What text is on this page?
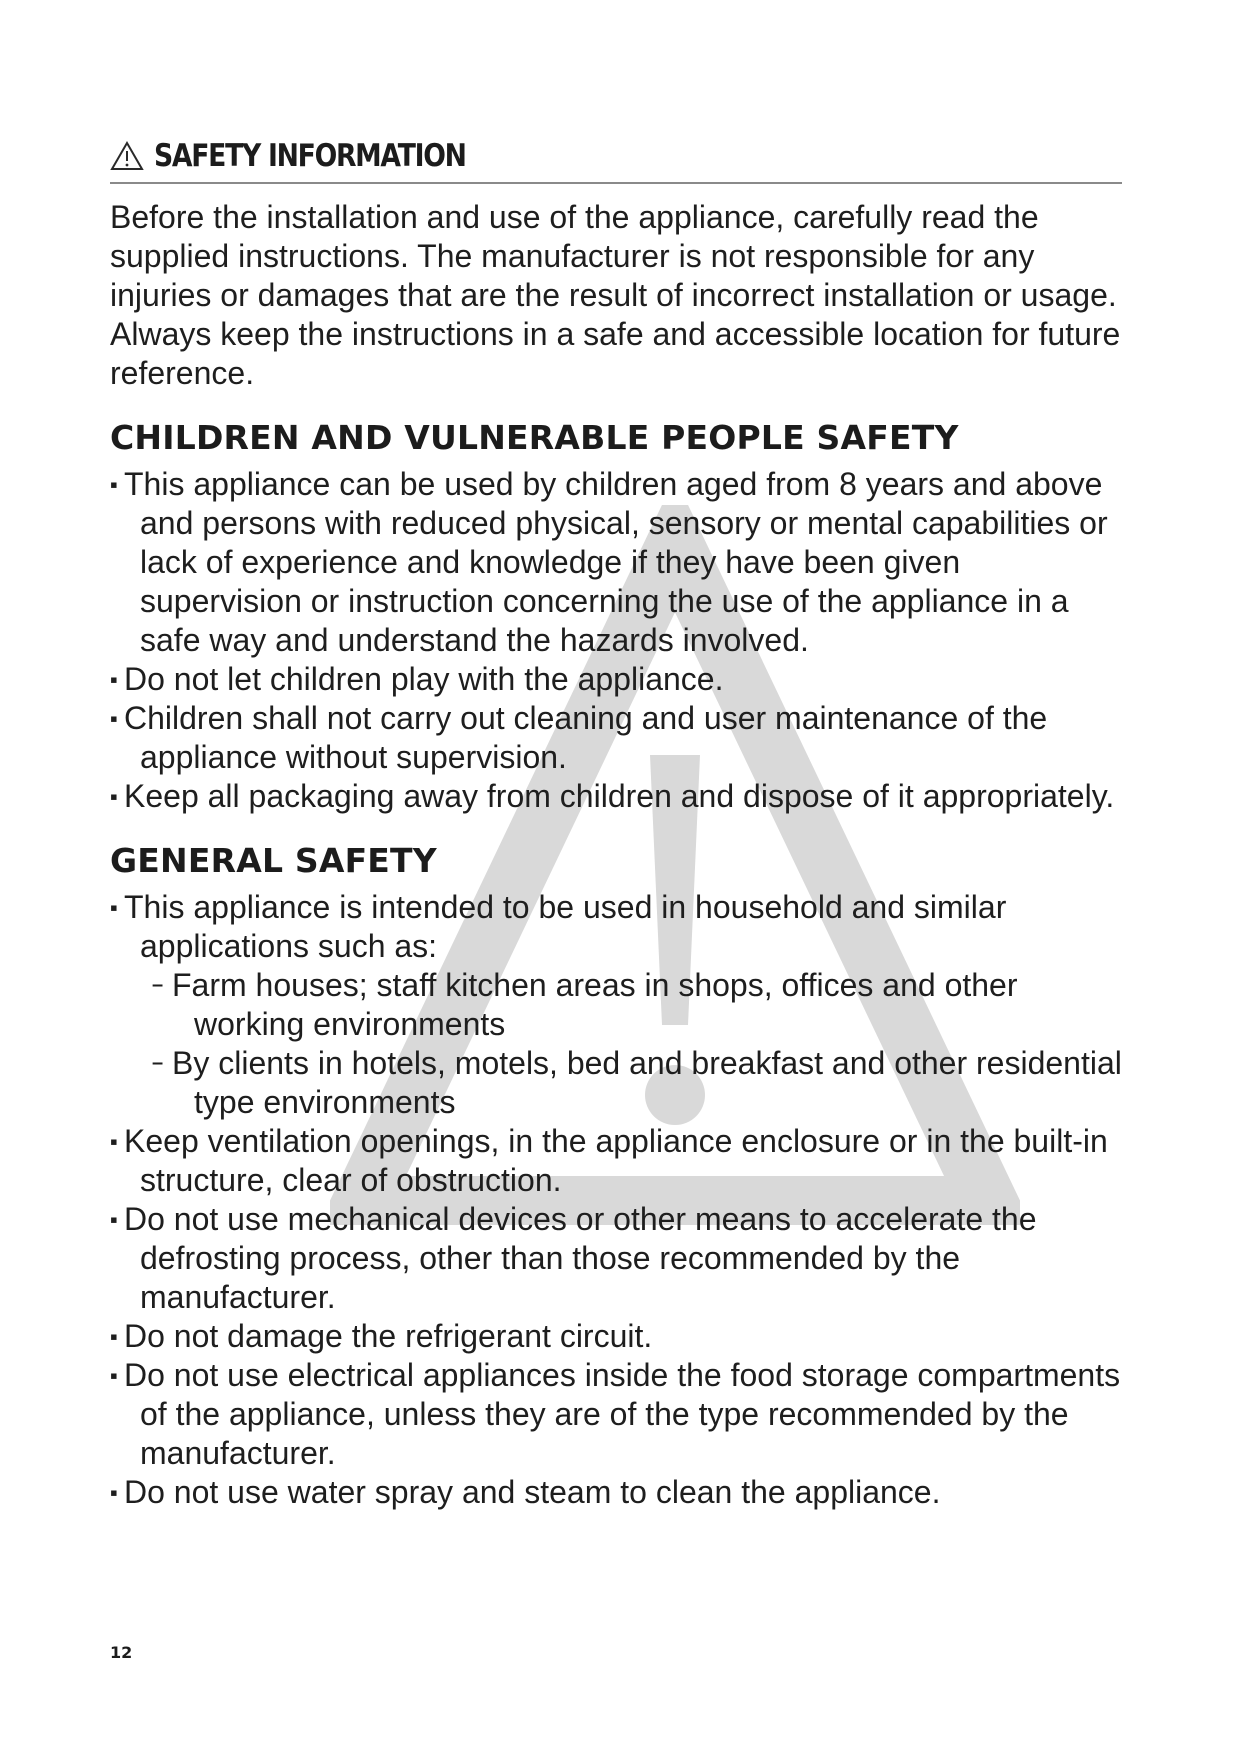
SAFETY INFORMATION

Before the installation and use of the appliance, carefully read the supplied instructions. The manufacturer is not responsible for any injuries or damages that are the result of incorrect installation or usage. Always keep the instructions in a safe and accessible location for future reference.

CHILDREN AND VULNERABLE PEOPLE SAFETY
▪ This appliance can be used by children aged from 8 years and above and persons with reduced physical, sensory or mental capabilities or lack of experience and knowledge if they have been given supervision or instruction concerning the use of the appliance in a safe way and understand the hazards involved.
▪ Do not let children play with the appliance.
▪ Children shall not carry out cleaning and user maintenance of the appliance without supervision.
▪ Keep all packaging away from children and dispose of it appropriately.
GENERAL SAFETY
▪ This appliance is intended to be used in household and similar applications such as:
– Farm houses; staff kitchen areas in shops, offices and other working environments
– By clients in hotels, motels, bed and breakfast and other residential type environments
▪ Keep ventilation openings, in the appliance enclosure or in the built-in structure, clear of obstruction.
▪ Do not use mechanical devices or other means to accelerate the defrosting process, other than those recommended by the manufacturer.
▪ Do not damage the refrigerant circuit.
▪ Do not use electrical appliances inside the food storage compartments of the appliance, unless they are of the type recommended by the manufacturer.
▪ Do not use water spray and steam to clean the appliance.
12
